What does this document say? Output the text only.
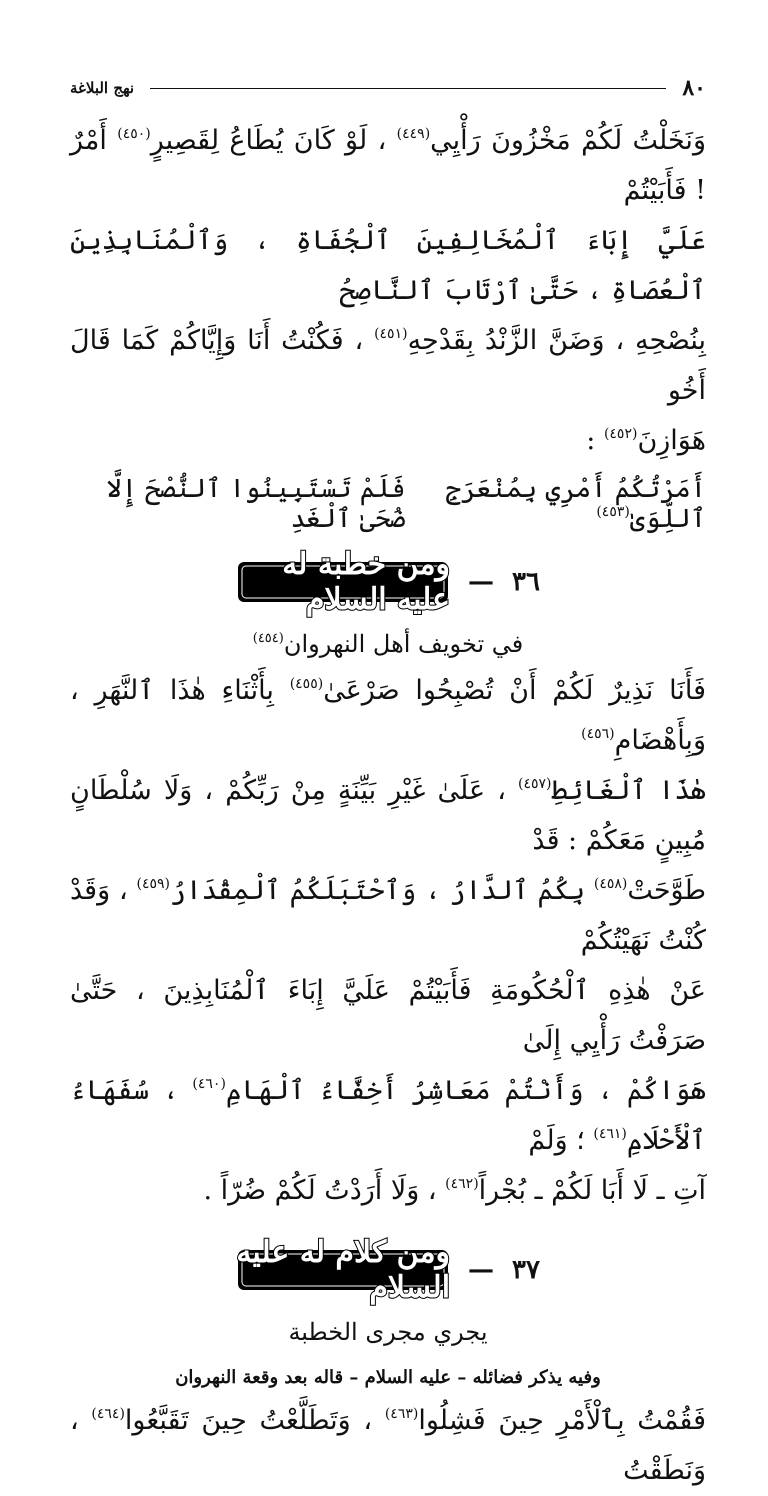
٨٠
نهج البلاغة

وَنَخَلْتُ لَكُمْ مَخْزُونَ رَأْيِي$^{(٤٤٩)}$ ، لَوْ كَانَ يُطَاعُ لِقَصِيرٍ$^{(٤٥٠)}$ أَمْرٌ ! فَأَبَيْتُمْ

عَلَيَّ إِبَاءَ ٱلْمُخَالِفِينَ ٱلْجُفَاةِ ، وَٱلْمُنَابِذِينَ ٱلْعُصَاةِ ، حَتَّىٰ ٱرْتَابَ ٱلنَّاصِحُ

بِنُصْحِهِ ، وَضَنَّ الزَّنْدُ بِقَدْحِهِ$^{(٤٥١)}$ ، فَكُنْتُ أَنَا وَإِيَّاكُمْ كَمَا قَالَ أَخُو

هَوَازِنَ$^{(٤٥٢)}$ :

أَمَرْتُكُمُ أَمْرِي بِمُنْعَرَجِ ٱللِّوَىٰ$^{(٤٥٣)}$
فَلَمْ تَسْتَبِينُوا ٱلنُّصْحَ إِلَّا ضُحَىٰ ٱلْغَدِ
٣٦
—
ومن خطبة له عليه السلام
في تخويف أهل النهروان$^{(٤٥٤)}$

فَأَنَا نَذِيرٌ لَكُمْ أَنْ تُصْبِحُوا صَرْعَىٰ$^{(٤٥٥)}$ بِأَثْنَاءِ هٰذَا ٱلنَّهَرِ ، وَبِأَهْضَامِ$^{(٤٥٦)}$

هٰذَا ٱلْغَائِطِ$^{(٤٥٧)}$ ، عَلَىٰ غَيْرِ بَيِّنَةٍ مِنْ رَبِّكُمْ ، وَلَا سُلْطَانٍ مُبِينٍ مَعَكُمْ : قَدْ

طَوَّحَتْ$^{(٤٥٨)}$ بِكُمُ ٱلدَّارُ ، وَٱحْتَبَلَكُمُ ٱلْمِقْدَارُ$^{(٤٥٩)}$ ، وَقَدْ كُنْتُ نَهَيْتُكُمْ

عَنْ هٰذِهِ ٱلْحُكُومَةِ فَأَبَيْتُمْ عَلَيَّ إِبَاءَ ٱلْمُنَابِذِينَ ، حَتَّىٰ صَرَفْتُ رَأْيِي إِلَىٰ

هَوَاكُمْ ، وَأَنْتُمْ مَعَاشِرُ أَخِفَّاءُ ٱلْهَامِ$^{(٤٦٠)}$ ، سُفَهَاءُ ٱلْأَحْلَامِ$^{(٤٦١)}$ ؛ وَلَمْ

آتِ ـ لَا أَبَا لَكُمْ ـ بُجْراً$^{(٤٦٢)}$ ، وَلَا أَرَدْتُ لَكُمْ ضُرّاً .

٣٧
—
ومن كلام له عليه السلام
يجري مجرى الخطبة
وفيه يذكر فضائله – عليه السلام – قاله بعد وقعة النهروان

فَقُمْتُ بِٱلْأَمْرِ حِينَ فَشِلُوا$^{(٤٦٣)}$ ، وَتَطَلَّعْتُ حِينَ تَقَبَّعُوا$^{(٤٦٤)}$ ، وَنَطَقْتُ
